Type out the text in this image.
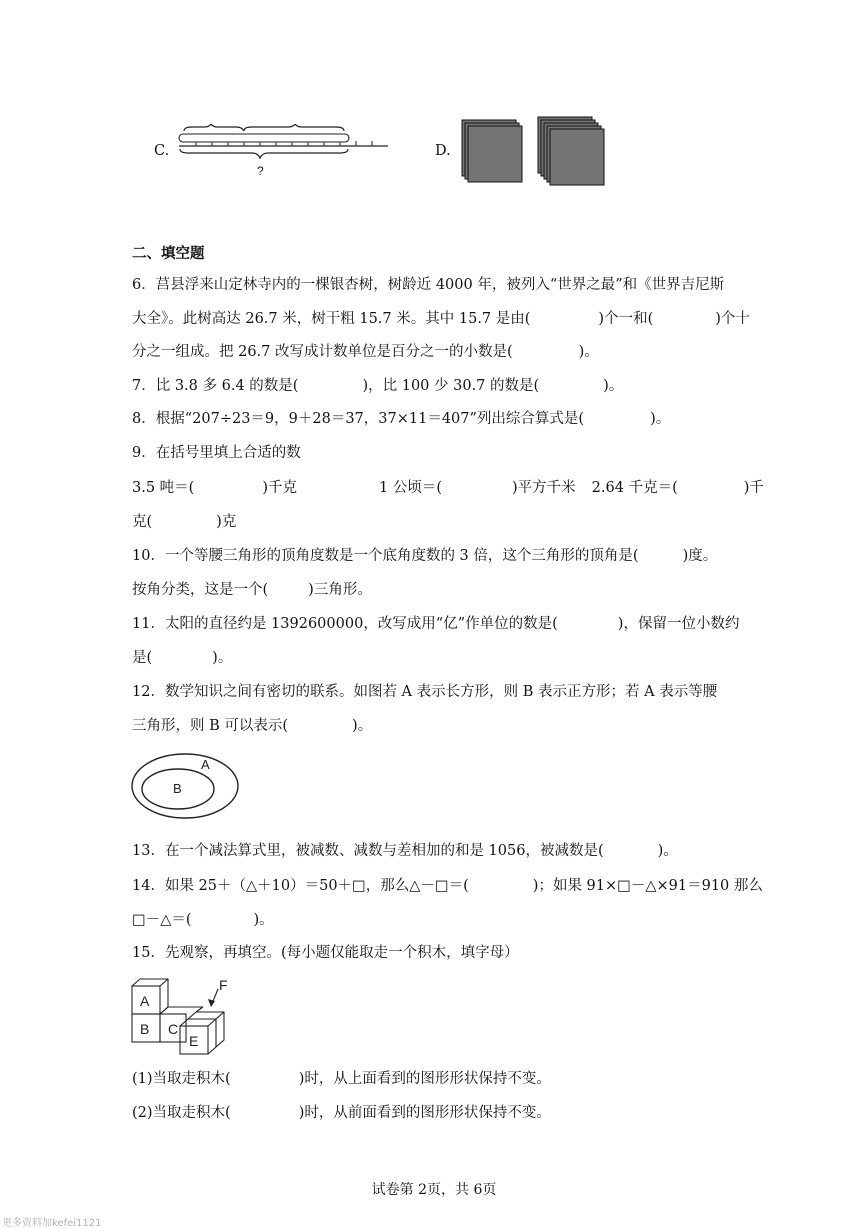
C.
?
D.
二、填空题
6．莒县浮来山定林寺内的一棵银杏树，树龄近 4000 年，被列入“世界之最”和《世界吉尼斯
大全》。此树高达 26.7 米，树干粗 15.7 米。其中 15.7 是由(	)个一和(	)个十
分之一组成。把 26.7 改写成计数单位是百分之一的小数是(	)。
7．比 3.8 多 6.4 的数是(	)，比 100 少 30.7 的数是(	)。
8．根据“207÷23＝9，9＋28＝37，37×11＝407”列出综合算式是(	)。
9．在括号里填上合适的数
3.5 吨＝(	)千克	1 公顷＝(	)平方千米 2.64 千克＝(	)千
克(	)克
10．一个等腰三角形的顶角度数是一个底角度数的 3 倍，这个三角形的顶角是(	)度。
按角分类，这是一个(	)三角形。
11．太阳的直径约是 1392600000，改写成用“亿”作单位的数是(	)，保留一位小数约
是(	)。
12．数学知识之间有密切的联系。如图若 A 表示长方形，则 B 表示正方形；若 A 表示等腰
三角形，则 B 可以表示(	)。
A
B
13．在一个减法算式里，被减数、减数与差相加的和是 1056，被减数是(	)。
14．如果 25＋（△＋10）＝50＋□，那么△－□＝(	)；如果 91×□－△×91＝910 那么
□－△＝(	)。
15．先观察，再填空。(每小题仅能取走一个积木，填字母）
A
B C
E
F
(1)当取走积木(	)时，从上面看到的图形形状保持不变。
(2)当取走积木(	)时，从前面看到的图形形状保持不变。
试卷第 2页，共 6页
更多资料加kefei1121
